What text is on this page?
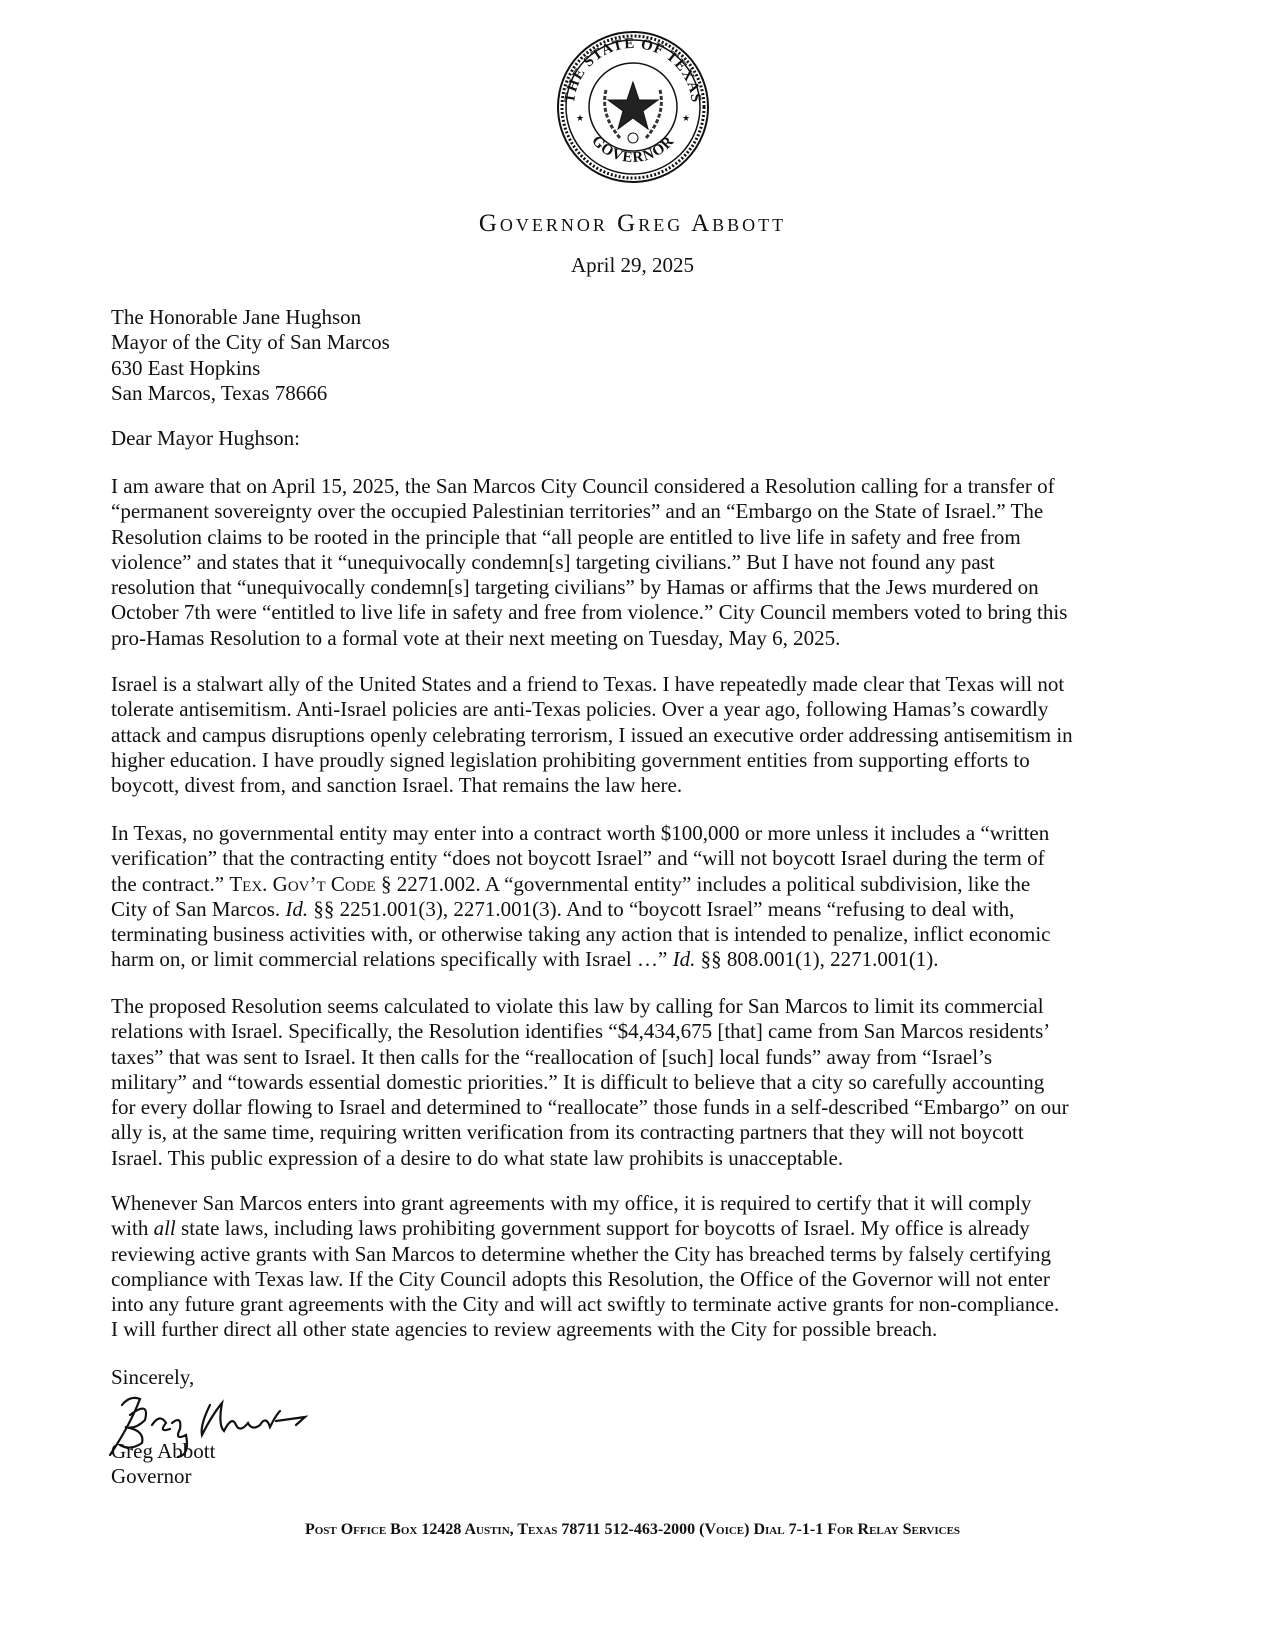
THE STATE OF TEXAS
GOVERNOR
★	★
Governor Greg Abbott
April 29, 2025
The Honorable Jane Hughson
Mayor of the City of San Marcos
630 East Hopkins
San Marcos, Texas 78666
Dear Mayor Hughson:
I am aware that on April 15, 2025, the San Marcos City Council considered a Resolution calling for a transfer of
“permanent sovereignty over the occupied Palestinian territories” and an “Embargo on the State of Israel.” The
Resolution claims to be rooted in the principle that “all people are entitled to live life in safety and free from
violence” and states that it “unequivocally condemn[s] targeting civilians.” But I have not found any past
resolution that “unequivocally condemn[s] targeting civilians” by Hamas or affirms that the Jews murdered on
October 7th were “entitled to live life in safety and free from violence.” City Council members voted to bring this
pro-Hamas Resolution to a formal vote at their next meeting on Tuesday, May 6, 2025.
Israel is a stalwart ally of the United States and a friend to Texas. I have repeatedly made clear that Texas will not
tolerate antisemitism. Anti-Israel policies are anti-Texas policies. Over a year ago, following Hamas’s cowardly
attack and campus disruptions openly celebrating terrorism, I issued an executive order addressing antisemitism in
higher education. I have proudly signed legislation prohibiting government entities from supporting efforts to
boycott, divest from, and sanction Israel. That remains the law here.
In Texas, no governmental entity may enter into a contract worth $100,000 or more unless it includes a “written
verification” that the contracting entity “does not boycott Israel” and “will not boycott Israel during the term of
the contract.” Tex. Gov’t Code § 2271.002. A “governmental entity” includes a political subdivision, like the
City of San Marcos. Id. §§ 2251.001(3), 2271.001(3). And to “boycott Israel” means “refusing to deal with,
terminating business activities with, or otherwise taking any action that is intended to penalize, inflict economic
harm on, or limit commercial relations specifically with Israel …” Id. §§ 808.001(1), 2271.001(1).
The proposed Resolution seems calculated to violate this law by calling for San Marcos to limit its commercial
relations with Israel. Specifically, the Resolution identifies “$4,434,675 [that] came from San Marcos residents’
taxes” that was sent to Israel. It then calls for the “reallocation of [such] local funds” away from “Israel’s
military” and “towards essential domestic priorities.” It is difficult to believe that a city so carefully accounting
for every dollar flowing to Israel and determined to “reallocate” those funds in a self-described “Embargo” on our
ally is, at the same time, requiring written verification from its contracting partners that they will not boycott
Israel. This public expression of a desire to do what state law prohibits is unacceptable.
Whenever San Marcos enters into grant agreements with my office, it is required to certify that it will comply
with all state laws, including laws prohibiting government support for boycotts of Israel. My office is already
reviewing active grants with San Marcos to determine whether the City has breached terms by falsely certifying
compliance with Texas law. If the City Council adopts this Resolution, the Office of the Governor will not enter
into any future grant agreements with the City and will act swiftly to terminate active grants for non-compliance.
I will further direct all other state agencies to review agreements with the City for possible breach.
Sincerely,
Greg Abbott
Governor
Post Office Box 12428 Austin, Texas 78711 512-463-2000 (Voice) Dial 7-1-1 For Relay Services
